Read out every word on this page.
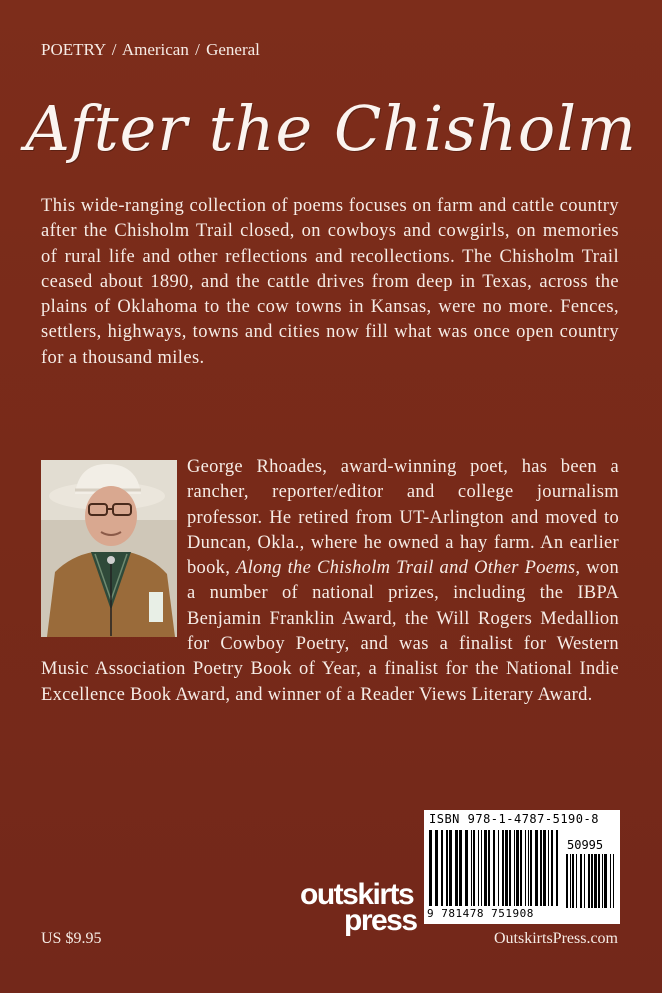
POETRY / American / General
After the Chisholm
This wide-ranging collection of poems focuses on farm and cattle country after the Chisholm Trail closed, on cowboys and cowgirls, on memories of rural life and other reflections and recollections. The Chisholm Trail ceased about 1890, and the cattle drives from deep in Texas, across the plains of Oklahoma to the cow towns in Kansas, were no more. Fences, settlers, highways, towns and cities now fill what was once open country for a thousand miles.
George Rhoades, award-winning poet, has been a rancher, reporter/editor and college journalism professor. He retired from UT-Arlington and moved to Duncan, Okla., where he owned a hay farm. An earlier book, Along the Chisholm Trail and Other Poems, won a number of national prizes, including the IBPA Benjamin Franklin Award, the Will Rogers Medallion for Cowboy Poetry, and was a finalist for Western Music Association Poetry Book of Year, a finalist for the National Indie Excellence Book Award, and winner of a Reader Views Literary Award.
ISBN 978-1-4787-5190-8
50995
9 781478 751908
outskirts
press
US $9.95	OutskirtsPress.com
